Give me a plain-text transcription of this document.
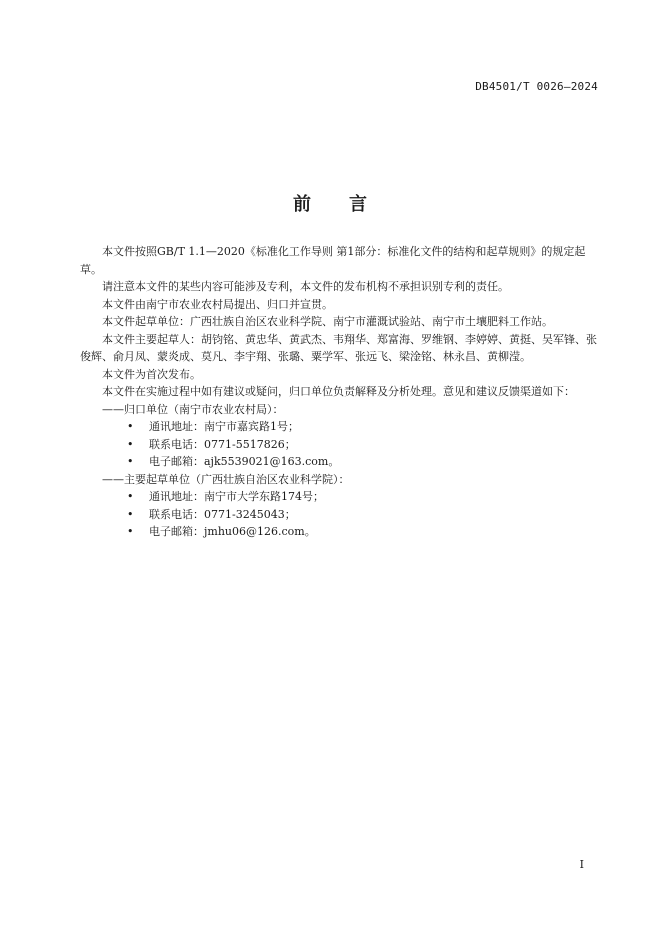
DB4501/T 0026—2024
前 言

本文件按照GB/T 1.1—2020《标准化工作导则 第1部分：标准化文件的结构和起草规则》的规定起草。

请注意本文件的某些内容可能涉及专利，本文件的发布机构不承担识别专利的责任。

本文件由南宁市农业农村局提出、归口并宣贯。

本文件起草单位：广西壮族自治区农业科学院、南宁市灌溉试验站、南宁市土壤肥料工作站。

本文件主要起草人：胡钧铭、黄忠华、黄武杰、韦翔华、郑富海、罗维钢、李婷婷、黄挺、吴军锋、张俊辉、俞月凤、蒙炎成、莫凡、李宇翔、张璐、粟学军、张远飞、梁淦铭、林永昌、黄柳滢。

本文件为首次发布。

本文件在实施过程中如有建议或疑问，归口单位负责解释及分析处理。意见和建议反馈渠道如下：

——归口单位（南宁市农业农村局）：

• 通讯地址：南宁市嘉宾路1号；

• 联系电话：0771-5517826；

• 电子邮箱：ajk5539021@163.com。

——主要起草单位（广西壮族自治区农业科学院）：

• 通讯地址：南宁市大学东路174号；

• 联系电话：0771-3245043；

• 电子邮箱：jmhu06@126.com。

I
